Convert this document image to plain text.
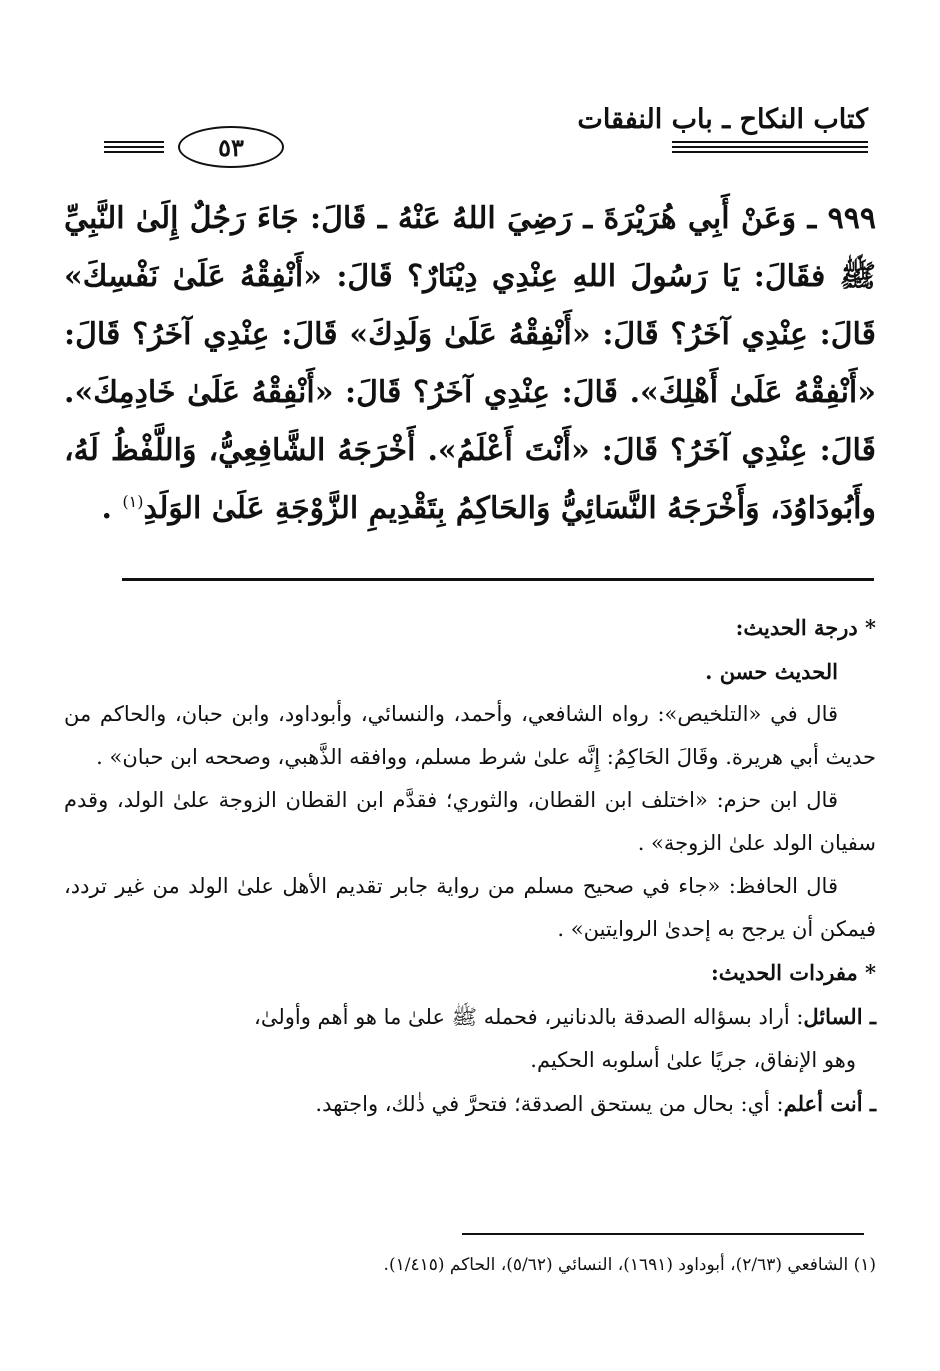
كتاب النكاح ـ باب النفقات
٥٣
٩٩٩ ـ وَعَنْ أَبِي هُرَيْرَةَ ـ رَضِيَ اللهُ عَنْهُ ـ قَالَ: جَاءَ رَجُلٌ إِلَىٰ النَّبِيِّ ﷺ فقَالَ: يَا رَسُولَ اللهِ عِنْدِي دِيْنَارٌ؟ قَالَ: «أَنْفِقْهُ عَلَىٰ نَفْسِكَ» قَالَ: عِنْدِي آخَرُ؟ قَالَ: «أَنْفِقْهُ عَلَىٰ وَلَدِكَ» قَالَ: عِنْدِي آخَرُ؟ قَالَ: «أَنْفِقْهُ عَلَىٰ أَهْلِكَ». قَالَ: عِنْدِي آخَرُ؟ قَالَ: «أَنْفِقْهُ عَلَىٰ خَادِمِكَ». قَالَ: عِنْدِي آخَرُ؟ قَالَ: «أَنْتَ أَعْلَمُ». أَخْرَجَهُ الشَّافِعِيُّ، وَاللَّفْظُ لَهُ، وأَبُودَاوُدَ، وَأَخْرَجَهُ النَّسَائِيُّ وَالحَاكِمُ بِتَقْدِيمِ الزَّوْجَةِ عَلَىٰ الوَلَدِ$^{(١)}$ .
* درجة الحديث:

الحديث حسن .

قال في «التلخيص»: رواه الشافعي، وأحمد، والنسائي، وأبوداود، وابن حبان، والحاكم من حديث أبي هريرة. وقَالَ الحَاكِمُ: إِنَّه علىٰ شرط مسلم، ووافقه الذَّهبي، وصححه ابن حبان» .

قال ابن حزم: «اختلف ابن القطان، والثوري؛ فقدَّم ابن القطان الزوجة علىٰ الولد، وقدم سفيان الولد علىٰ الزوجة» .

قال الحافظ: «جاء في صحيح مسلم من رواية جابر تقديم الأهل علىٰ الولد من غير تردد، فيمكن أن يرجح به إحدىٰ الروايتين» .

* مفردات الحديث:

ـ السائل: أراد بسؤاله الصدقة بالدنانير، فحمله ﷺ علىٰ ما هو أهم وأولىٰ،
وهو الإنفاق، جريًا علىٰ أسلوبه الحكيم.

ـ أنت أعلم: أي: بحال من يستحق الصدقة؛ فتحرَّ في ذٰلك، واجتهد.

(١) الشافعي (٢/٦٣)، أبوداود (١٦٩١)، النسائي (٥/٦٢)، الحاكم (١/٤١٥).
